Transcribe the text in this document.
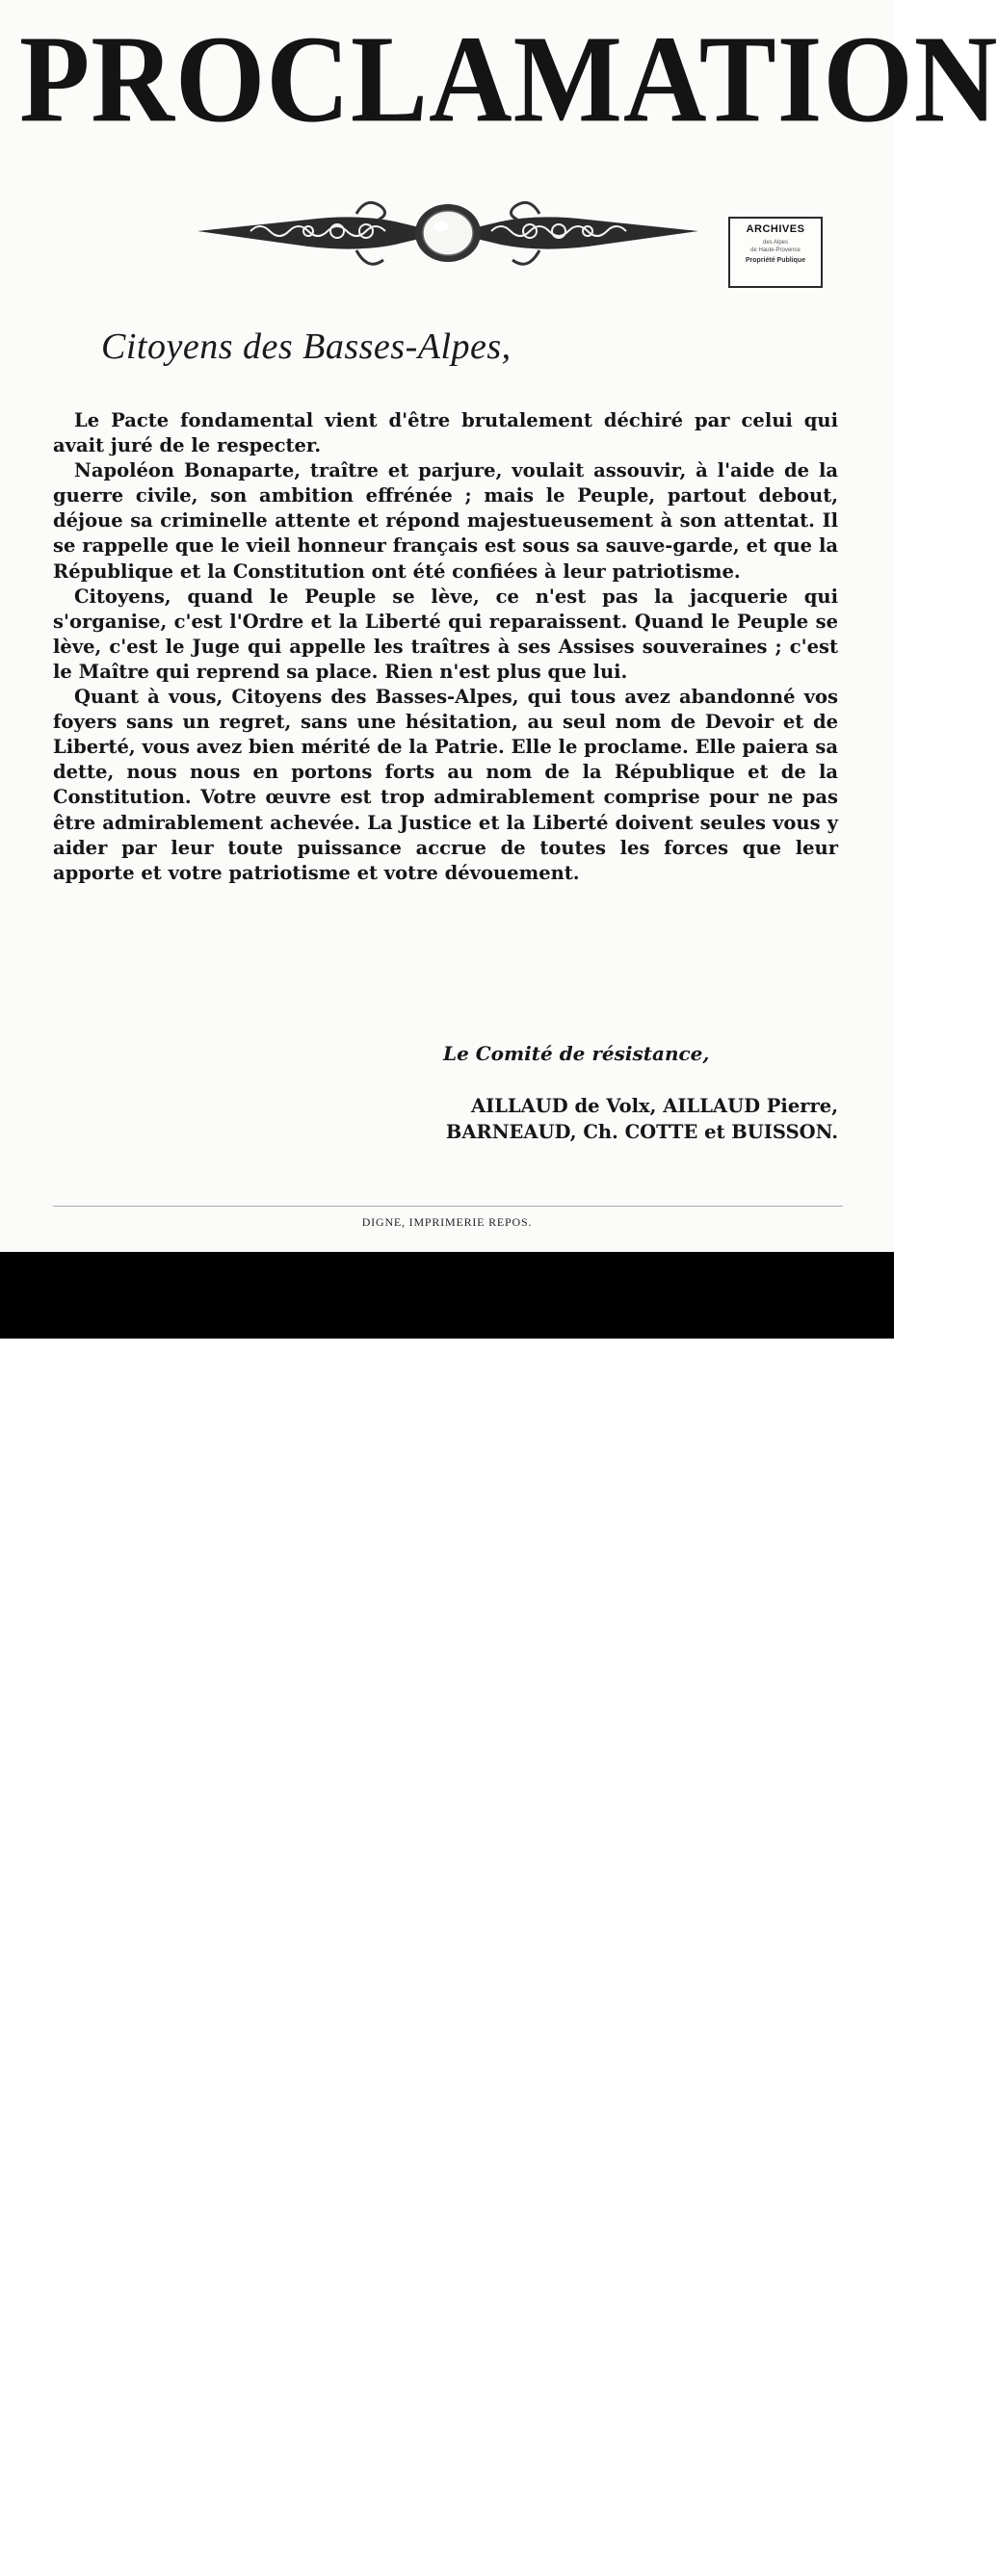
PROCLAMATION
ARCHIVES
des Alpes
de Haute-Provence
Propriété Publique
Citoyens des Basses-Alpes,

Le Pacte fondamental vient d'être brutalement déchiré par celui qui avait juré de le respecter.

Napoléon Bonaparte, traître et parjure, voulait assouvir, à l'aide de la guerre civile, son ambition effrénée ; mais le Peuple, partout debout, déjoue sa criminelle attente et répond majestueusement à son attentat. Il se rappelle que le vieil honneur français est sous sa sauve-garde, et que la République et la Constitution ont été confiées à leur patriotisme.

Citoyens, quand le Peuple se lève, ce n'est pas la jacquerie qui s'organise, c'est l'Ordre et la Liberté qui reparaissent. Quand le Peuple se lève, c'est le Juge qui appelle les traîtres à ses Assises souveraines ; c'est le Maître qui reprend sa place. Rien n'est plus que lui.

Quant à vous, Citoyens des Basses-Alpes, qui tous avez abandonné vos foyers sans un regret, sans une hésitation, au seul nom de Devoir et de Liberté, vous avez bien mérité de la Patrie. Elle le proclame. Elle paiera sa dette, nous nous en portons forts au nom de la République et de la Constitution. Votre œuvre est trop admirablement comprise pour ne pas être admirablement achevée. La Justice et la Liberté doivent seules vous y aider par leur toute puissance accrue de toutes les forces que leur apporte et votre patriotisme et votre dévouement.

Le Comité de résistance,

AILLAUD de Volx, AILLAUD Pierre,
BARNEAUD, Ch. COTTE et BUISSON.
DIGNE, IMPRIMERIE REPOS.
alamy	JG6CW8
www.alamy.com
